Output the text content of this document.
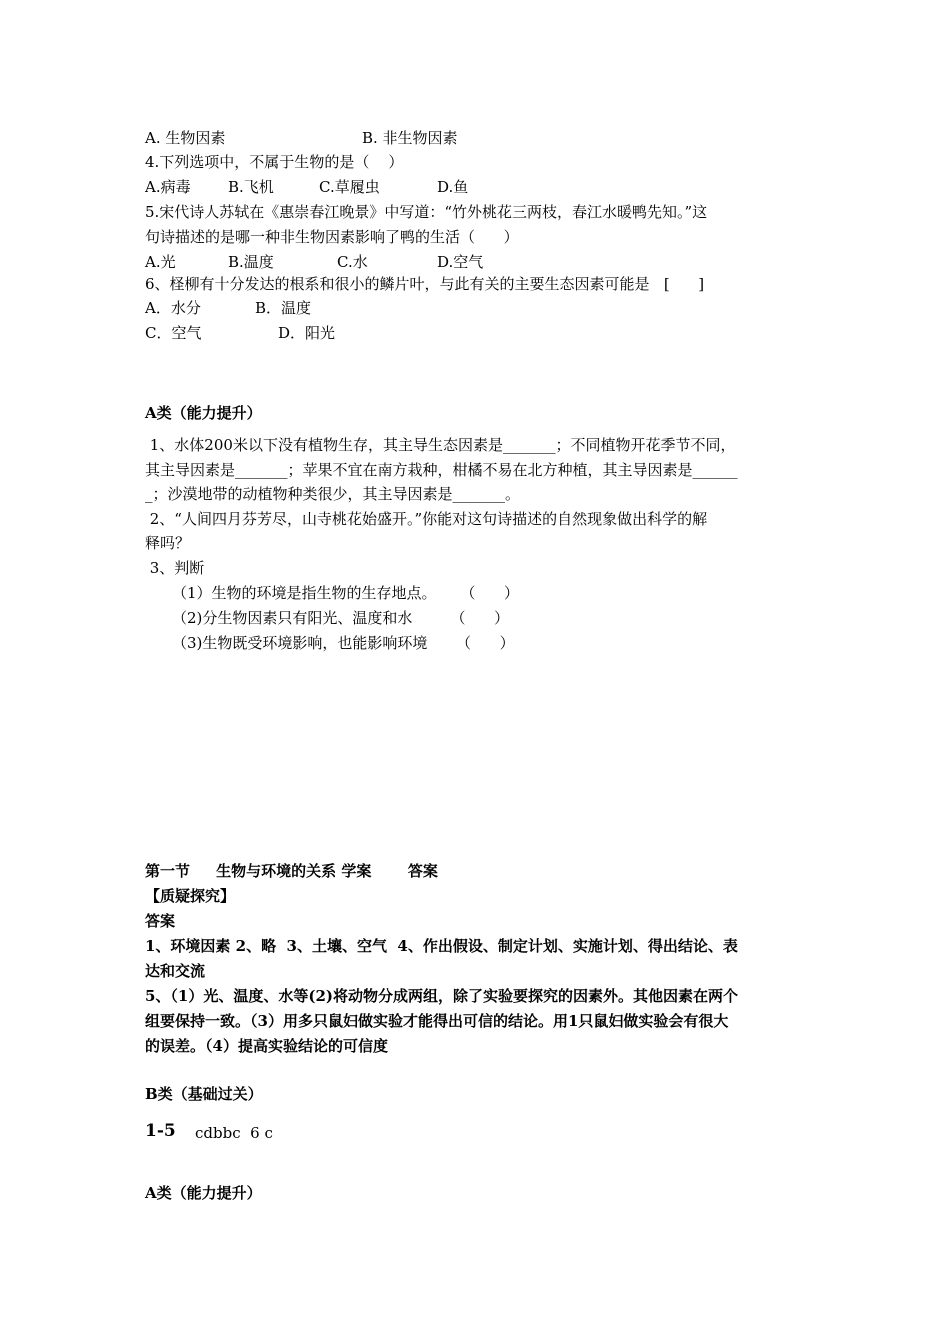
A. 生物因素	B. 非生物因素
4.下列选项中，不属于生物的是（    ）
A.病毒 B.飞机	C.草履虫	D.鱼
5.宋代诗人苏轼在《惠崇春江晚景》中写道：“竹外桃花三两枝，春江水暖鸭先知。”这
句诗描述的是哪一种非生物因素影响了鸭的生活（      ）
A.光	B.温度	C.水	D.空气
6、柽柳有十分发达的根系和很小的鳞片叶，与此有关的主要生态因素可能是   [      ]
A．水分	B．温度
C．空气	D．阳光
A类（能力提升）
1、水体200米以下没有植物生存，其主导生态因素是_______；不同植物开花季节不同，
其主导因素是_______；苹果不宜在南方栽种，柑橘不易在北方种植，其主导因素是______
_；沙漠地带的动植物种类很少，其主导因素是_______。
2、“人间四月芬芳尽，山寺桃花始盛开。”你能对这句诗描述的自然现象做出科学的解
释吗？
3、判断
（1）生物的环境是指生物的生存地点。     （      ）
（2)分生物因素只有阳光、温度和水        （      ）
（3)生物既受环境影响，也能影响环境      （      ）
第一节     生物与环境的关系 学案       答案
【质疑探究】
答案
1、环境因素 2、略  3、土壤、空气  4、作出假设、制定计划、实施计划、得出结论、表
达和交流
5、（1）光、温度、水等(2)将动物分成两组，除了实验要探究的因素外。其他因素在两个
组要保持一致。（3）用多只鼠妇做实验才能得出可信的结论。用1只鼠妇做实验会有很大
的误差。（4）提高实验结论的可信度
B类（基础过关）
1-5 cdbbc  6 c
A类（能力提升）
